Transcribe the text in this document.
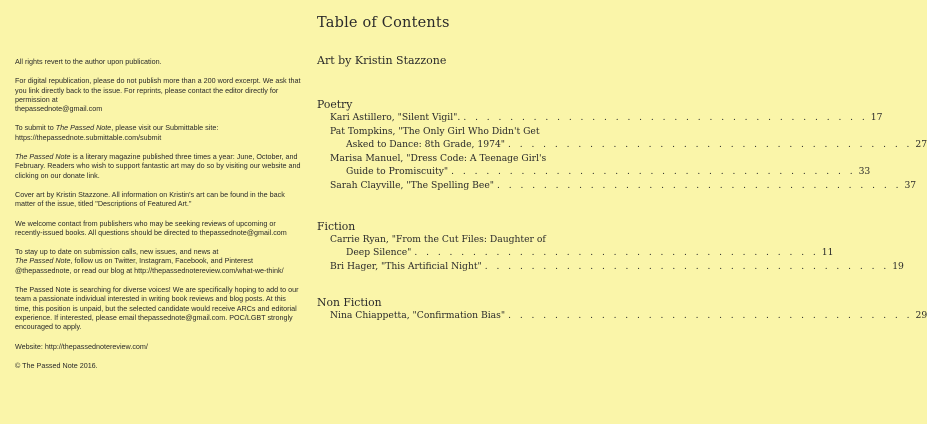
All rights revert to the author upon publication.

For digital republication, please do not publish more than a 200 word excerpt. We ask that you link directly back to the issue. For reprints, please contact the editor directly for permission at
thepassednote@gmail.com

To submit to The Passed Note, please visit our Submittable site:
https://thepassednote.submittable.com/submit

The Passed Note is a literary magazine published three times a year: June, October, and February. Readers who wish to support fantastic art may do so by visiting our website and clicking on our donate link.

Cover art by Kristin Stazzone. All information on Kristin's art can be found in the back matter of the issue, titled "Descriptions of Featured Art."

We welcome contact from publishers who may be seeking reviews of upcoming or recently-issued books. All questions should be directed to thepassednote@gmail.com

To stay up to date on submission calls, new issues, and news at
The Passed Note, follow us on Twitter, Instagram, Facebook, and Pinterest @thepassednote, or read our blog at http://thepassednotereview.com/what-we-think/

The Passed Note is searching for diverse voices! We are specifically hoping to add to our team a passionate individual interested in writing book reviews and blog posts. At this time, this position is unpaid, but the selected candidate would receive ARCs and editorial experience. If interested, please email thepassednote@gmail.com. POC/LGBT strongly encouraged to apply.

Website: http://thepassednotereview.com/

© The Passed Note 2016.

Table of Contents
Art by Kristin Stazzone
Poetry
Kari Astillero, "Silent Vigil". . . . . . . . . . . . . . . . . . . . . . . . . . . . . . . . . . . . 17
Pat Tompkins, "The Only Girl Who Didn't Get
Asked to Dance: 8th Grade, 1974" . . . . . . . . . . . . . . . . . . . . . . . . . . . . . . . . . . . 27
Marisa Manuel, "Dress Code: A Teenage Girl's
Guide to Promiscuity" . . . . . . . . . . . . . . . . . . . . . . . . . . . . . . . . . . . 33
Sarah Clayville, "The Spelling Bee" . . . . . . . . . . . . . . . . . . . . . . . . . . . . . . . . . . . 37
Fiction
Carrie Ryan, "From the Cut Files: Daughter of
Deep Silence" . . . . . . . . . . . . . . . . . . . . . . . . . . . . . . . . . . . 11
Bri Hager, "This Artificial Night" . . . . . . . . . . . . . . . . . . . . . . . . . . . . . . . . . . . 19
Non Fiction
Nina Chiappetta, "Confirmation Bias" . . . . . . . . . . . . . . . . . . . . . . . . . . . . . . . . . . . 29
